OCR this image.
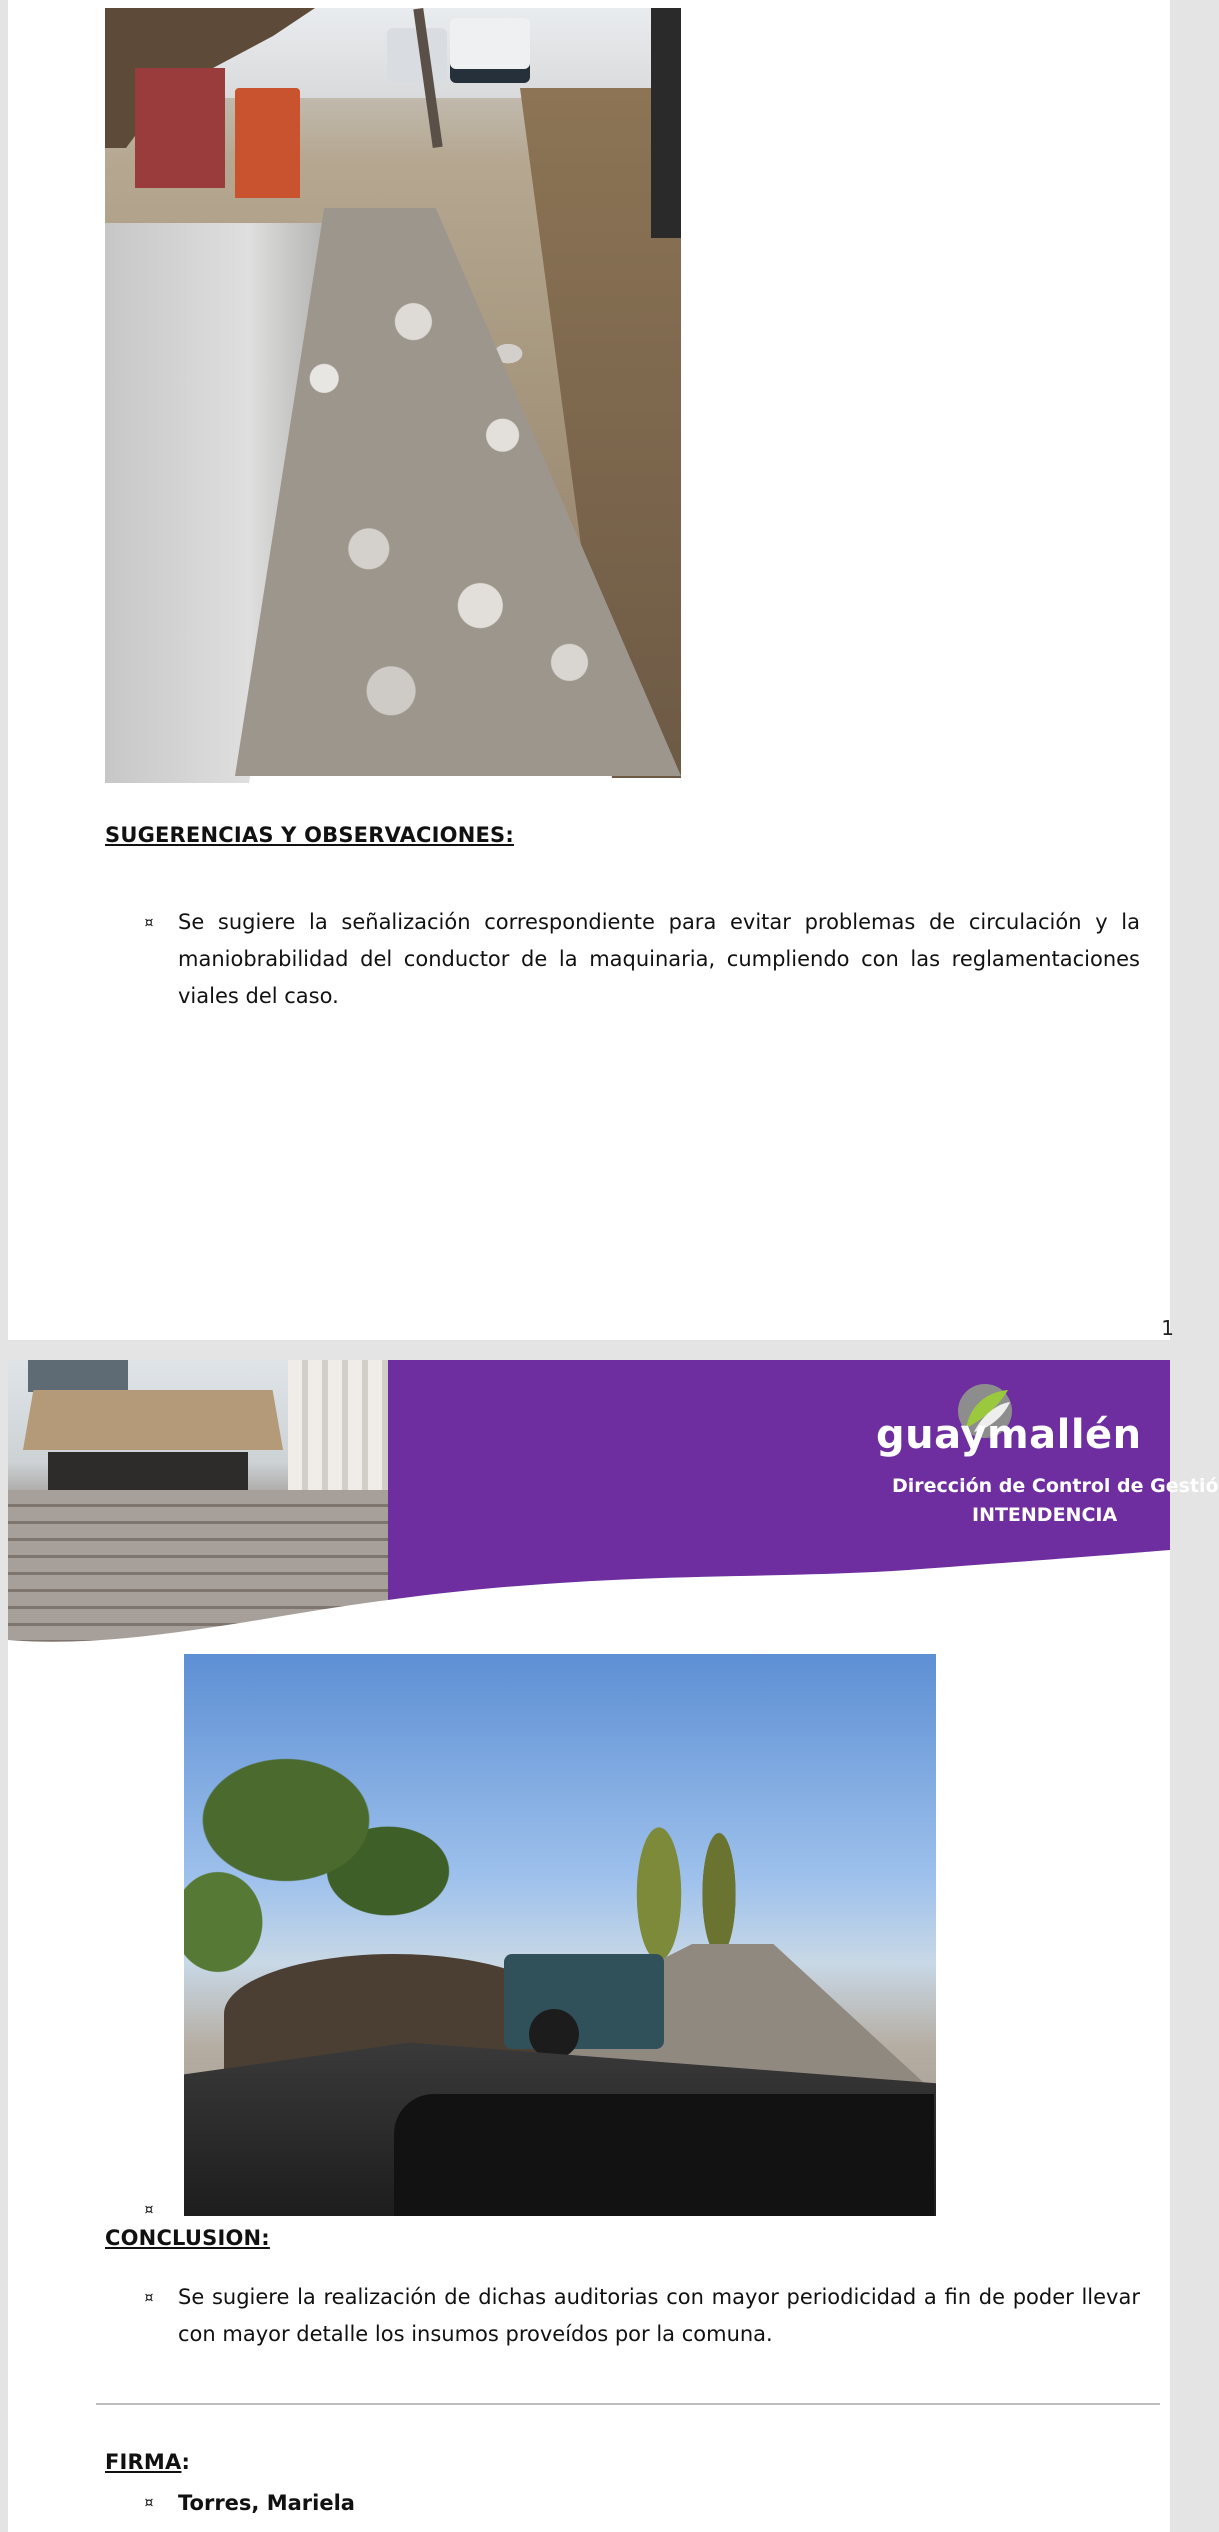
SUGERENCIAS Y OBSERVACIONES:
¤ Se sugiere la señalización correspondiente para evitar problemas de circulación y la maniobrabilidad del conductor de la maquinaria, cumpliendo con las reglamentaciones viales del caso.
1
guaymallén
Dirección de Control de Gestió
INTENDENCIA
¤
CONCLUSION:
¤ Se sugiere la realización de dichas auditorias con mayor periodicidad a fin de poder llevar con mayor detalle los insumos proveídos por la comuna.
FIRMA:
¤ Torres, Mariela
